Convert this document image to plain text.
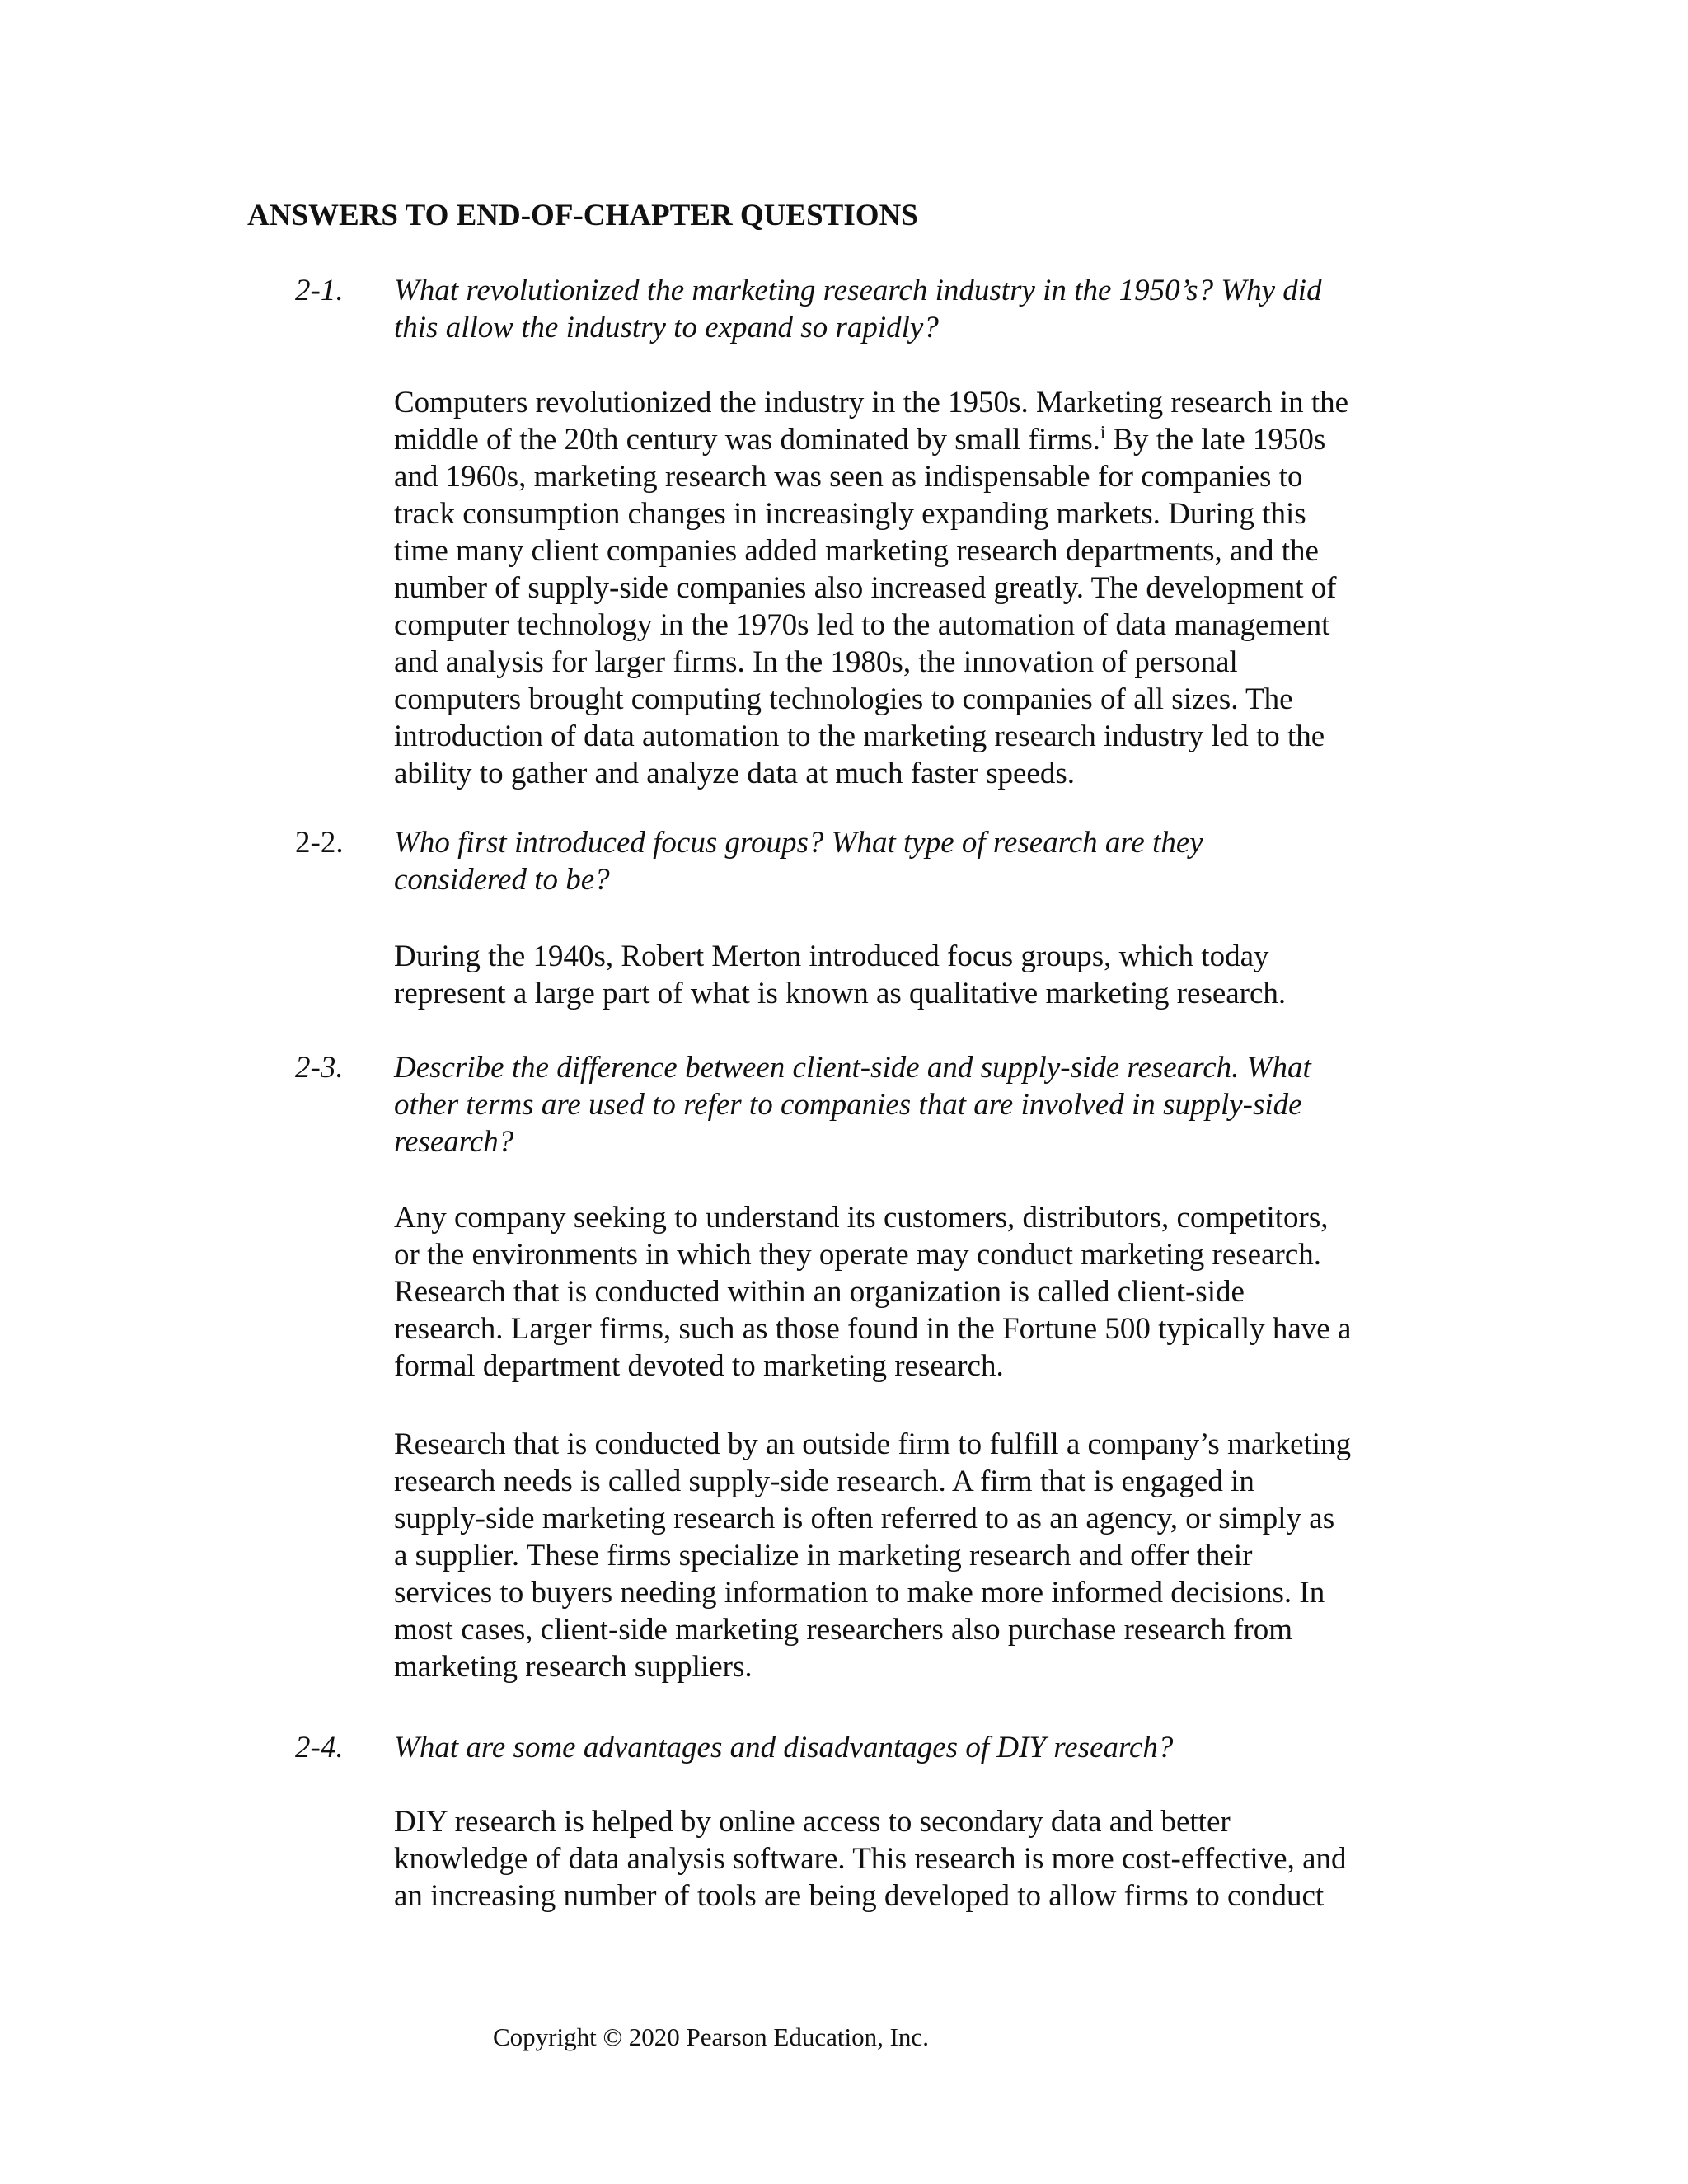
ANSWERS TO END-OF-CHAPTER QUESTIONS
2-1. What revolutionized the marketing research industry in the 1950’s? Why did
this allow the industry to expand so rapidly?
Computers revolutionized the industry in the 1950s. Marketing research in the
middle of the 20th century was dominated by small firms.$^i$ By the late 1950s
and 1960s, marketing research was seen as indispensable for companies to
track consumption changes in increasingly expanding markets. During this
time many client companies added marketing research departments, and the
number of supply-side companies also increased greatly. The development of
computer technology in the 1970s led to the automation of data management
and analysis for larger firms. In the 1980s, the innovation of personal
computers brought computing technologies to companies of all sizes. The
introduction of data automation to the marketing research industry led to the
ability to gather and analyze data at much faster speeds.
2-2. Who first introduced focus groups? What type of research are they
considered to be?
During the 1940s, Robert Merton introduced focus groups, which today
represent a large part of what is known as qualitative marketing research.
2-3. Describe the difference between client-side and supply-side research. What
other terms are used to refer to companies that are involved in supply-side
research?
Any company seeking to understand its customers, distributors, competitors,
or the environments in which they operate may conduct marketing research.
Research that is conducted within an organization is called client-side
research. Larger firms, such as those found in the Fortune 500 typically have a
formal department devoted to marketing research.
Research that is conducted by an outside firm to fulfill a company’s marketing
research needs is called supply-side research. A firm that is engaged in
supply-side marketing research is often referred to as an agency, or simply as
a supplier. These firms specialize in marketing research and offer their
services to buyers needing information to make more informed decisions. In
most cases, client-side marketing researchers also purchase research from
marketing research suppliers.
2-4. What are some advantages and disadvantages of DIY research?
DIY research is helped by online access to secondary data and better
knowledge of data analysis software. This research is more cost-effective, and
an increasing number of tools are being developed to allow firms to conduct
Copyright © 2020 Pearson Education, Inc.
